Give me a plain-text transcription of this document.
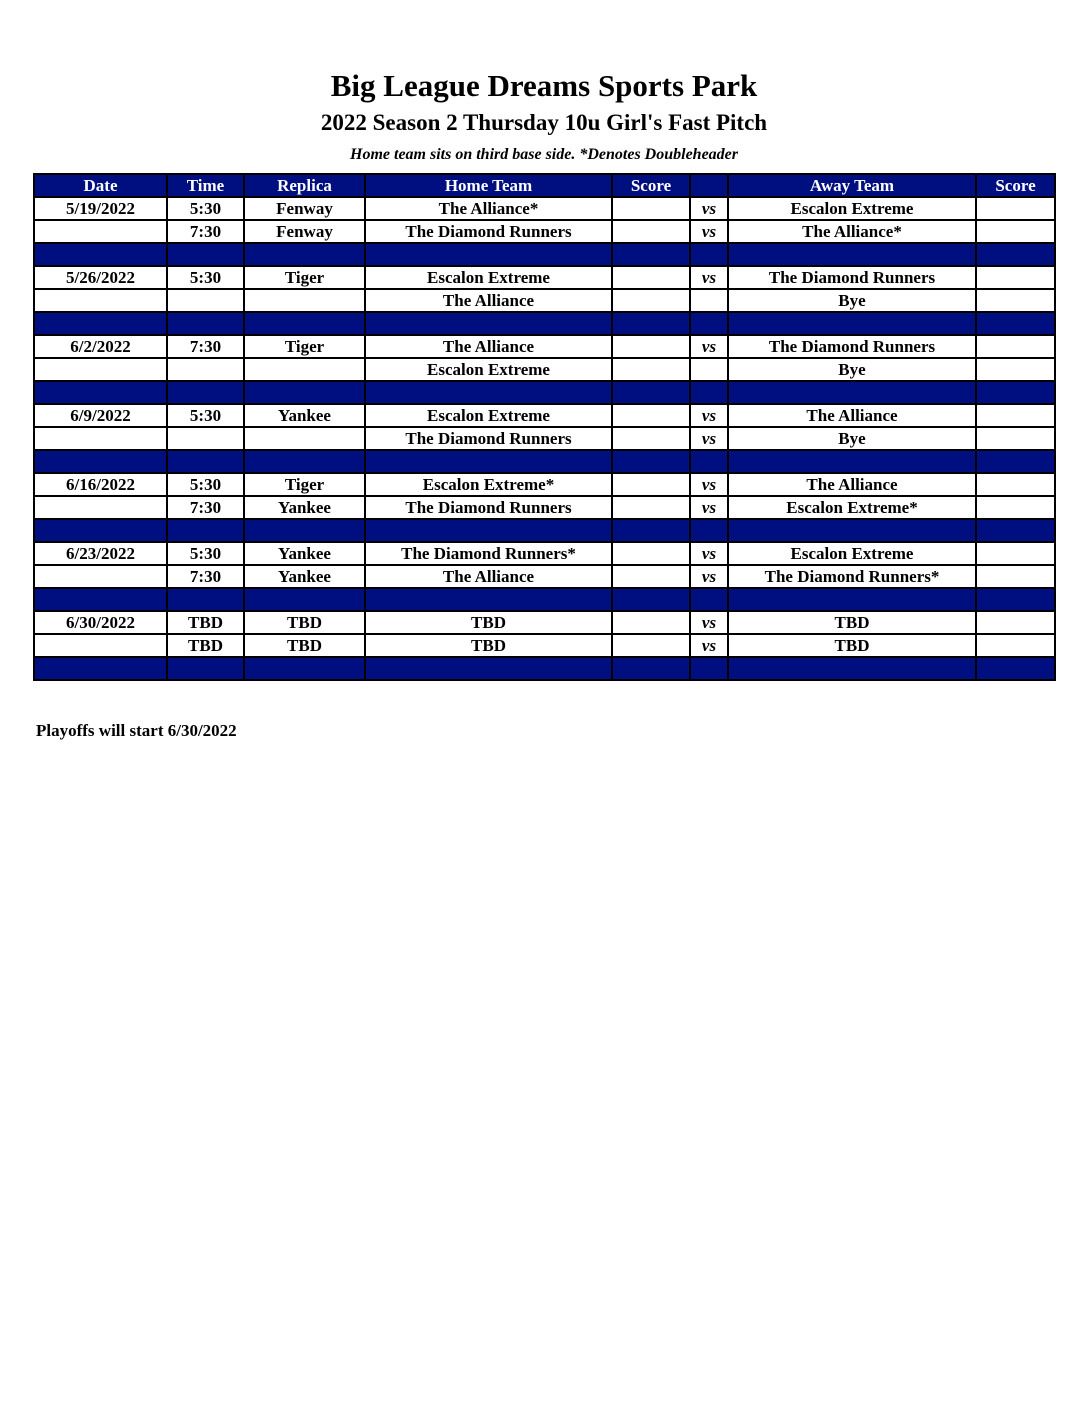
Big League Dreams Sports Park
2022 Season 2 Thursday 10u Girl's Fast Pitch
Home team sits on third base side. *Denotes Doubleheader
Date	Time	Replica	Home Team	Score		Away Team	Score
5/19/2022	5:30	Fenway	The Alliance*		vs	Escalon Extreme	
	7:30	Fenway	The Diamond Runners		vs	The Alliance*	

5/26/2022	5:30	Tiger	Escalon Extreme		vs	The Diamond Runners	
			The Alliance			Bye	

6/2/2022	7:30	Tiger	The Alliance		vs	The Diamond Runners	
			Escalon Extreme			Bye	

6/9/2022	5:30	Yankee	Escalon Extreme		vs	The Alliance	
			The Diamond Runners		vs	Bye	

6/16/2022	5:30	Tiger	Escalon Extreme*		vs	The Alliance	
	7:30	Yankee	The Diamond Runners		vs	Escalon Extreme*	

6/23/2022	5:30	Yankee	The Diamond Runners*		vs	Escalon Extreme	
	7:30	Yankee	The Alliance		vs	The Diamond Runners*	

6/30/2022	TBD	TBD	TBD		vs	TBD	
	TBD	TBD	TBD		vs	TBD	

Playoffs will start 6/30/2022
